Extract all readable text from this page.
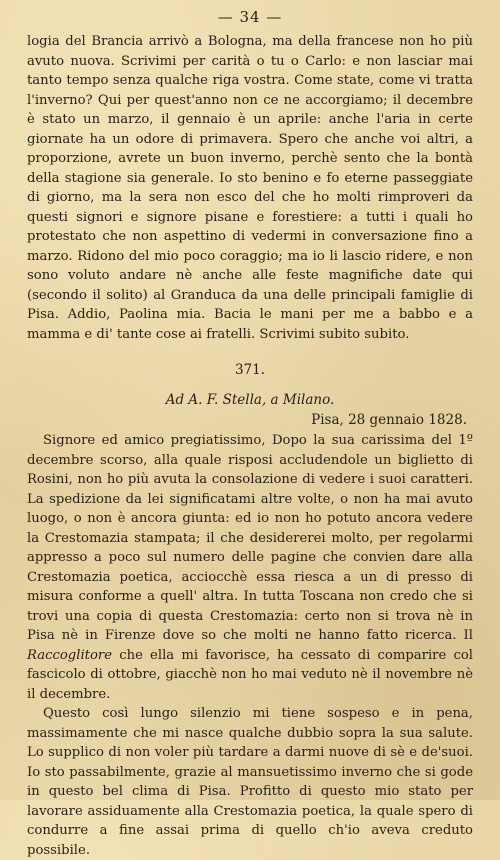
— 34 —

logia del Brancia arrivò a Bologna, ma della francese non ho più avuto nuova. Scrivimi per carità o tu o Carlo: e non lasciar mai tanto tempo senza qualche riga vostra. Come state, come vi tratta l'inverno? Qui per quest'anno non ce ne accorgiamo; il decembre è stato un marzo, il gennaio è un aprile: anche l'aria in certe giornate ha un odore di primavera. Spero che anche voi altri, a proporzione, avrete un buon inverno, perchè sento che la bontà della stagione sia generale. Io sto benino e fo eterne passeggiate di giorno, ma la sera non esco del che ho molti rimproveri da questi signori e signore pisane e forestiere: a tutti i quali ho protestato che non aspettino di vedermi in conversazione fino a marzo. Ridono del mio poco coraggio; ma io li lascio ridere, e non sono voluto andare nè anche alle feste magnifiche date qui (secondo il solito) al Granduca da una delle principali famiglie di Pisa. Addio, Paolina mia. Bacia le mani per me a babbo e a mamma e di' tante cose ai fratelli. Scrivimi subito subito.

371.
Ad A. F. Stella, a Milano.
Pisa, 28 gennaio 1828.

Signore ed amico pregiatissimo, Dopo la sua carissima del 1º decembre scorso, alla quale risposi accludendole un biglietto di Rosini, non ho più avuta la consolazione di vedere i suoi caratteri. La spedizione da lei significatami altre volte, o non ha mai avuto luogo, o non è ancora giunta: ed io non ho potuto ancora vedere la Crestomazia stampata; il che desidererei molto, per regolarmi appresso a poco sul numero delle pagine che convien dare alla Crestomazia poetica, acciocchè essa riesca a un di presso di misura conforme a quell' altra. In tutta Toscana non credo che si trovi una copia di questa Crestomazia: certo non si trova nè in Pisa nè in Firenze dove so che molti ne hanno fatto ricerca. Il Raccoglitore che ella mi favorisce, ha cessato di comparire col fascicolo di ottobre, giacchè non ho mai veduto nè il novembre nè il decembre.

Questo così lungo silenzio mi tiene sospeso e in pena, massimamente che mi nasce qualche dubbio sopra la sua salute. Lo supplico di non voler più tardare a darmi nuove di sè e de'suoi. Io sto passabilmente, grazie al mansuetissimo inverno che si gode in questo bel clima di Pisa. Profitto di questo mio stato per lavorare assiduamente alla Crestomazia poetica, la quale spero di condurre a fine assai prima di quello ch'io aveva creduto possibile.
